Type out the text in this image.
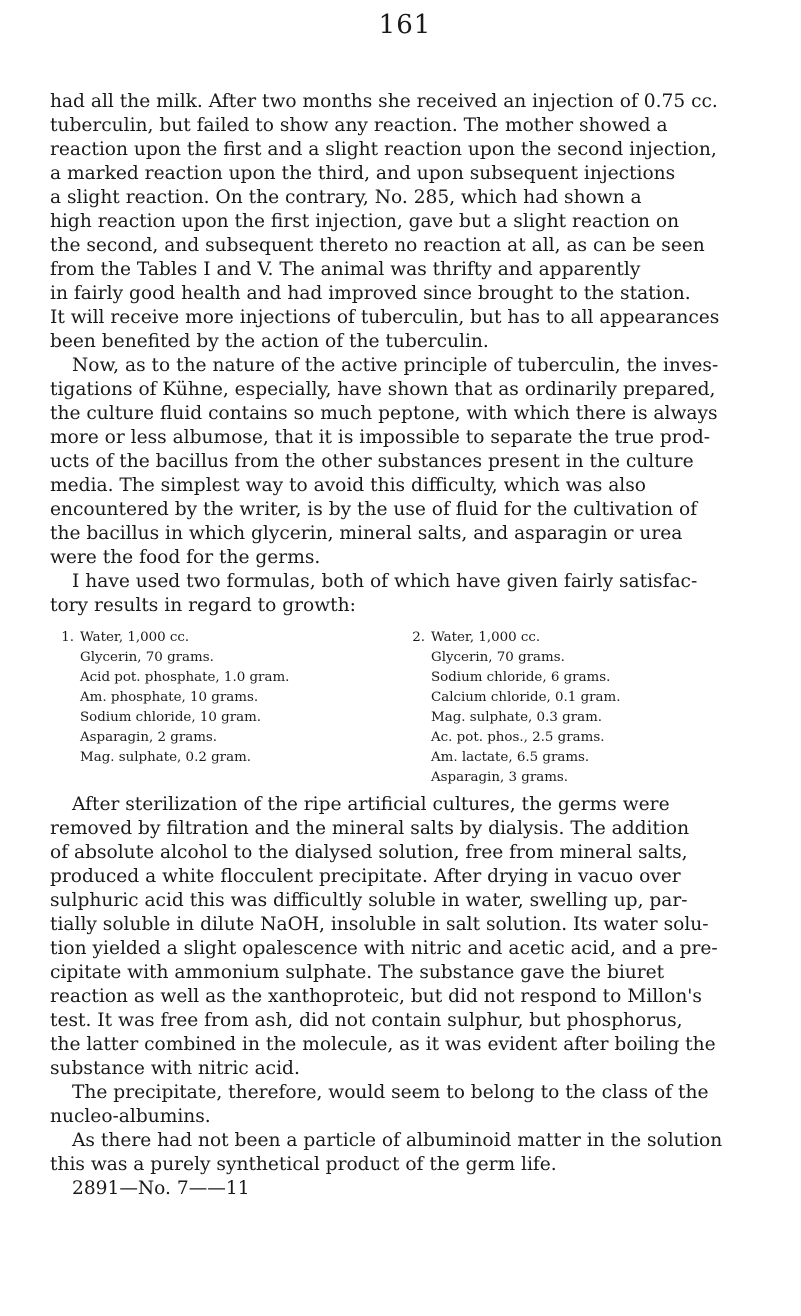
161
had all the milk. After two months she received an injection of 0.75 cc.
tuberculin, but failed to show any reaction. The mother showed a
reaction upon the first and a slight reaction upon the second injection,
a marked reaction upon the third, and upon subsequent injections
a slight reaction. On the contrary, No. 285, which had shown a
high reaction upon the first injection, gave but a slight reaction on
the second, and subsequent thereto no reaction at all, as can be seen
from the Tables I and V. The animal was thrifty and apparently
in fairly good health and had improved since brought to the station.
It will receive more injections of tuberculin, but has to all appearances
been benefited by the action of the tuberculin.
Now, as to the nature of the active principle of tuberculin, the inves-
tigations of Kühne, especially, have shown that as ordinarily prepared,
the culture fluid contains so much peptone, with which there is always
more or less albumose, that it is impossible to separate the true prod-
ucts of the bacillus from the other substances present in the culture
media. The simplest way to avoid this difficulty, which was also
encountered by the writer, is by the use of fluid for the cultivation of
the bacillus in which glycerin, mineral salts, and asparagin or urea
were the food for the germs.
I have used two formulas, both of which have given fairly satisfac-
tory results in regard to growth:
1. Water, 1,000 cc.
Glycerin, 70 grams.
Acid pot. phosphate, 1.0 gram.
Am. phosphate, 10 grams.
Sodium chloride, 10 gram.
Asparagin, 2 grams.
Mag. sulphate, 0.2 gram.
2. Water, 1,000 cc.
Glycerin, 70 grams.
Sodium chloride, 6 grams.
Calcium chloride, 0.1 gram.
Mag. sulphate, 0.3 gram.
Ac. pot. phos., 2.5 grams.
Am. lactate, 6.5 grams.
Asparagin, 3 grams.
After sterilization of the ripe artificial cultures, the germs were
removed by filtration and the mineral salts by dialysis. The addition
of absolute alcohol to the dialysed solution, free from mineral salts,
produced a white flocculent precipitate. After drying in vacuo over
sulphuric acid this was difficultly soluble in water, swelling up, par-
tially soluble in dilute NaOH, insoluble in salt solution. Its water solu-
tion yielded a slight opalescence with nitric and acetic acid, and a pre-
cipitate with ammonium sulphate. The substance gave the biuret
reaction as well as the xanthoproteic, but did not respond to Millon's
test. It was free from ash, did not contain sulphur, but phosphorus,
the latter combined in the molecule, as it was evident after boiling the
substance with nitric acid.
The precipitate, therefore, would seem to belong to the class of the
nucleo-albumins.
As there had not been a particle of albuminoid matter in the solution
this was a purely synthetical product of the germ life.
2891—No. 7——11
